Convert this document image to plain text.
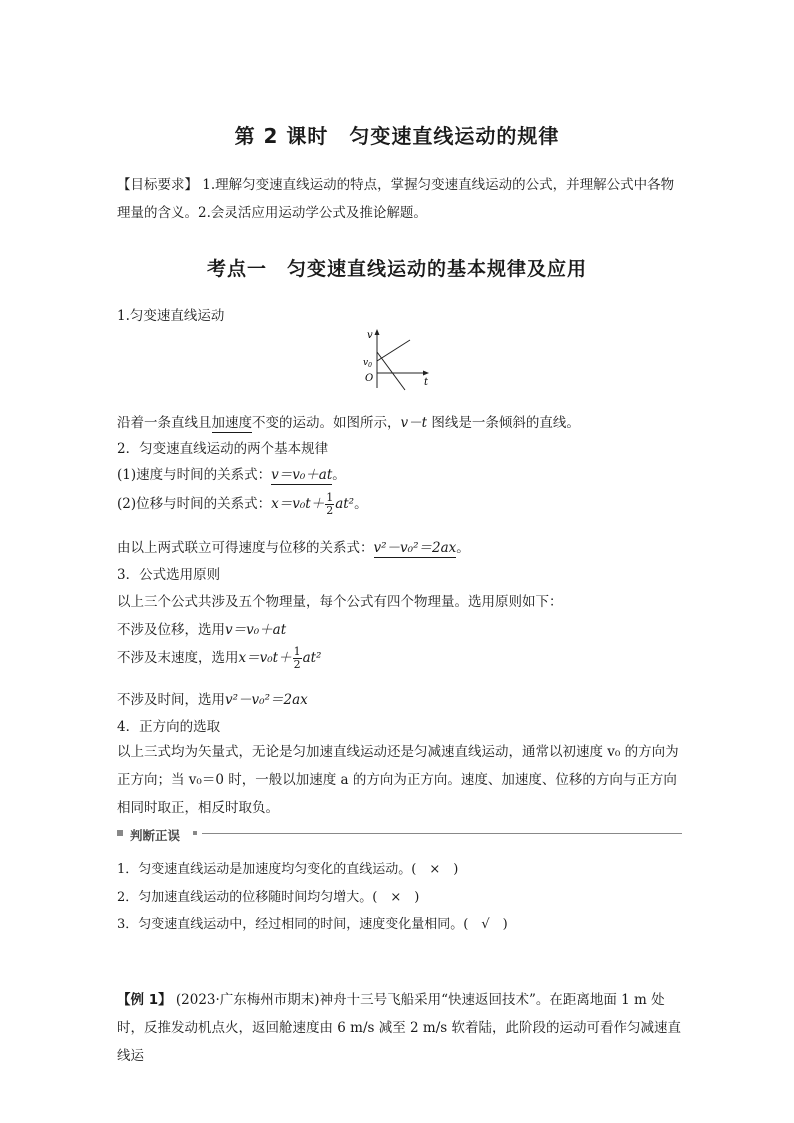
第 2 课时　匀变速直线运动的规律
【目标要求】 1.理解匀变速直线运动的特点，掌握匀变速直线运动的公式，并理解公式中各物理量的含义。2.会灵活应用运动学公式及推论解题。
考点一　匀变速直线运动的基本规律及应用
1.匀变速直线运动
v
$v_0$
O	t
沿着一条直线且加速度不变的运动。如图所示，v－t 图线是一条倾斜的直线。
2．匀变速直线运动的两个基本规律
(1)速度与时间的关系式：v＝v₀＋at。
(2)位移与时间的关系式：$x=v_0t+ \frac{1}{2} at^2$。
由以上两式联立可得速度与位移的关系式：v²－v₀²＝2ax。
3．公式选用原则
以上三个公式共涉及五个物理量，每个公式有四个物理量。选用原则如下：
不涉及位移，选用v＝v₀＋at
不涉及末速度，选用$x=v_0t+ \frac{1}{2} at^2$
不涉及时间，选用v²－v₀²＝2ax
4．正方向的选取
以上三式均为矢量式，无论是匀加速直线运动还是匀减速直线运动，通常以初速度 v₀ 的方向为正方向；当 v₀＝0 时，一般以加速度 a 的方向为正方向。速度、加速度、位移的方向与正方向相同时取正，相反时取负。
判断正误
1．匀变速直线运动是加速度均匀变化的直线运动。(　×　)
2．匀加速直线运动的位移随时间均匀增大。(　×　)
3．匀变速直线运动中，经过相同的时间，速度变化量相同。(　√　)
【例 1】 (2023·广东梅州市期末)神舟十三号飞船采用“快速返回技术”。在距离地面 1 m 处时，反推发动机点火，返回舱速度由 6 m/s 减至 2 m/s 软着陆，此阶段的运动可看作匀减速直线运
